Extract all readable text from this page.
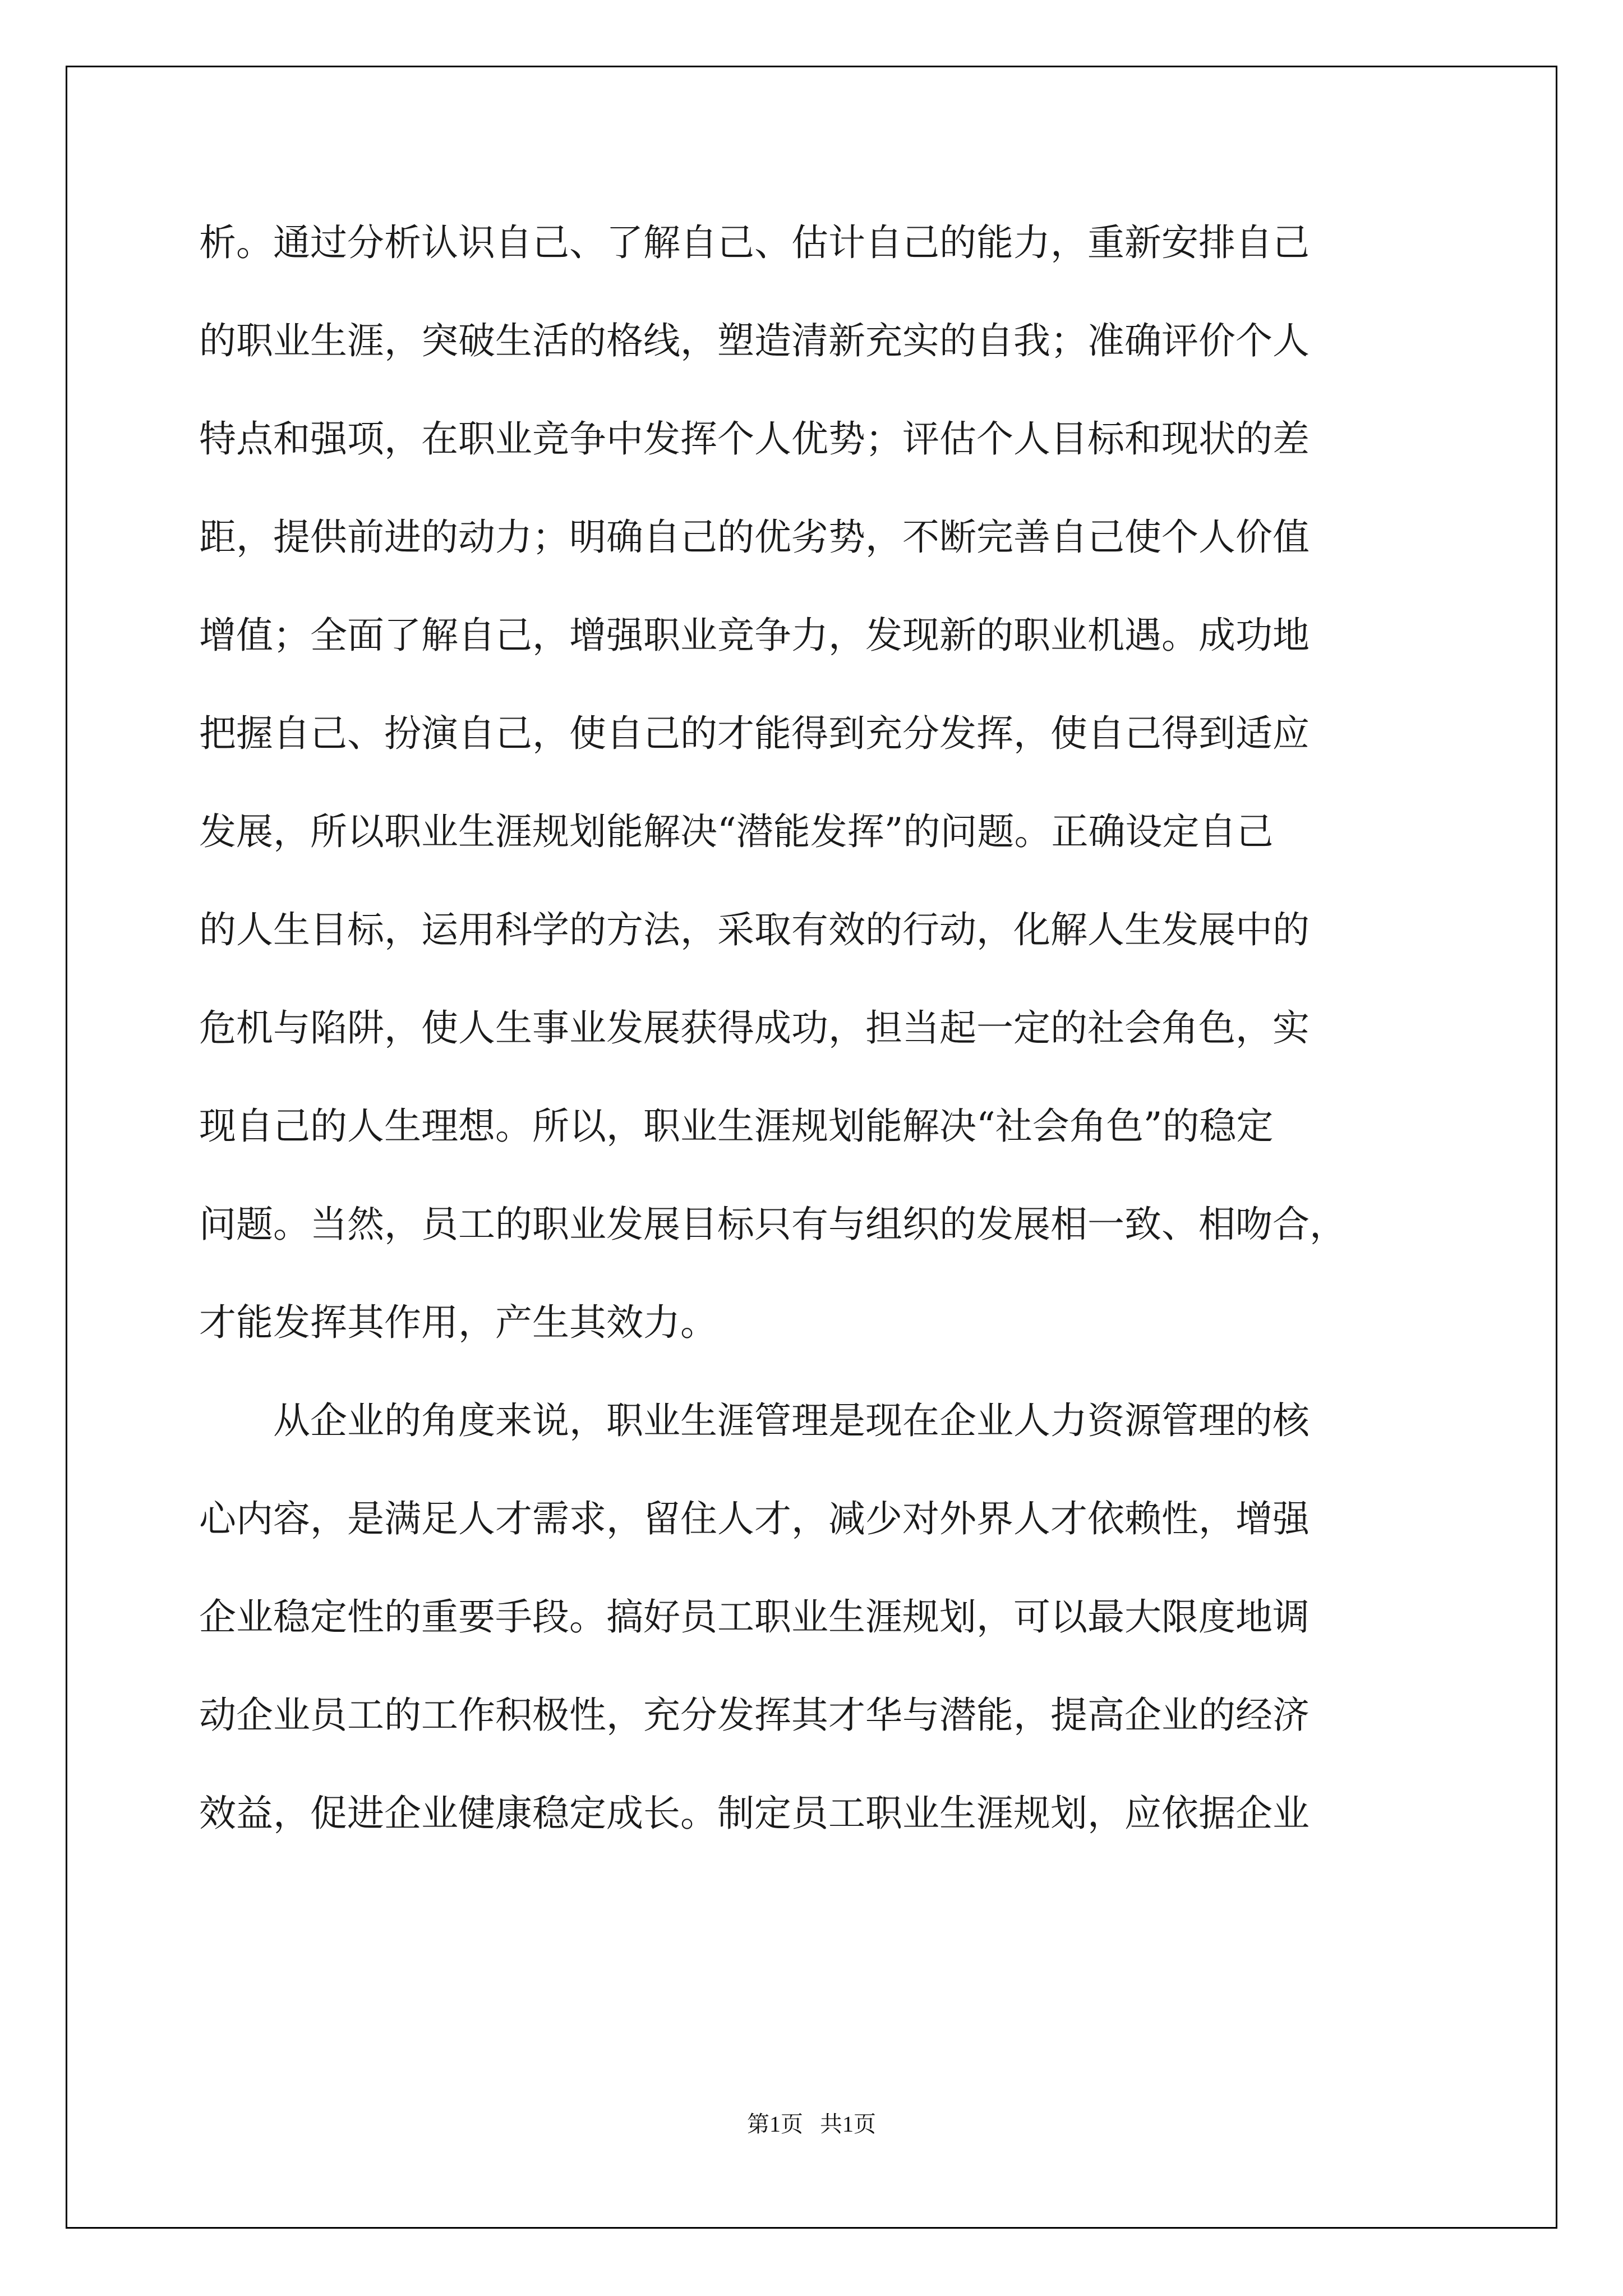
析。通过分析认识自己、了解自己、估计自己的能力，重新安排自己
的职业生涯，突破生活的格线，塑造清新充实的自我；准确评价个人
特点和强项，在职业竞争中发挥个人优势；评估个人目标和现状的差
距，提供前进的动力；明确自己的优劣势，不断完善自己使个人价值
增值；全面了解自己，增强职业竞争力，发现新的职业机遇。成功地
把握自己、扮演自己，使自己的才能得到充分发挥，使自己得到适应
发展，所以职业生涯规划能解决“潜能发挥”的问题。正确设定自己
的人生目标，运用科学的方法，采取有效的行动，化解人生发展中的
危机与陷阱，使人生事业发展获得成功，担当起一定的社会角色，实
现自己的人生理想。所以，职业生涯规划能解决“社会角色”的稳定
问题。当然，员工的职业发展目标只有与组织的发展相一致、相吻合，
才能发挥其作用，产生其效力。
从企业的角度来说，职业生涯管理是现在企业人力资源管理的核
心内容，是满足人才需求，留住人才，减少对外界人才依赖性，增强
企业稳定性的重要手段。搞好员工职业生涯规划，可以最大限度地调
动企业员工的工作积极性，充分发挥其才华与潜能，提高企业的经济
效益，促进企业健康稳定成长。制定员工职业生涯规划，应依据企业
第1页 共1页
